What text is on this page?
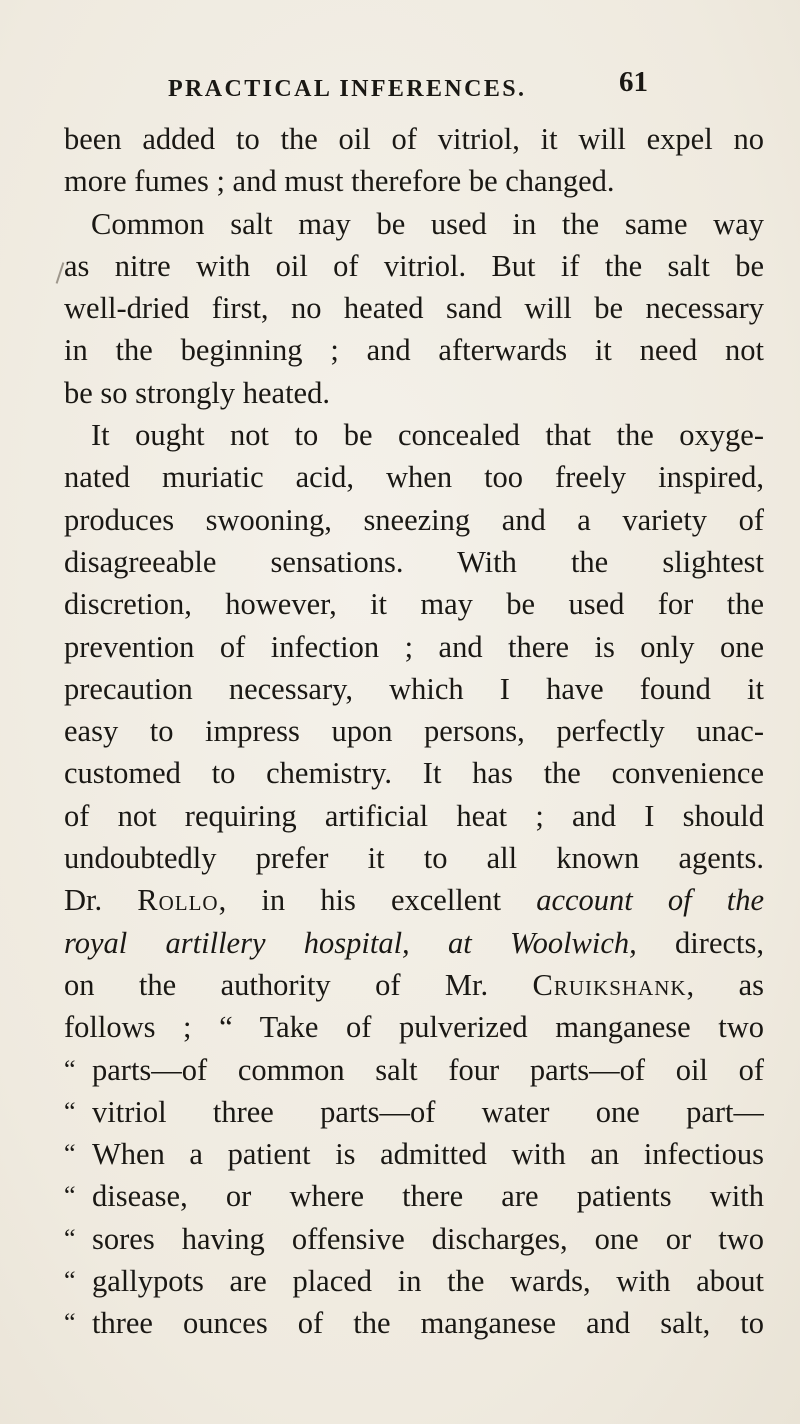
PRACTICAL INFERENCES.	61
been added to the oil of vitriol, it will expel no
more fumes ; and must therefore be changed.
Common salt may be used in the same way
as nitre with oil of vitriol. But if the salt be
well-dried first, no heated sand will be necessary
in the beginning ; and afterwards it need not
be so strongly heated.
It ought not to be concealed that the oxyge-
nated muriatic acid, when too freely inspired,
produces swooning, sneezing and a variety of
disagreeable sensations. With the slightest
discretion, however, it may be used for the
prevention of infection ; and there is only one
precaution necessary, which I have found it
easy to impress upon persons, perfectly unac-
customed to chemistry. It has the convenience
of not requiring artificial heat ; and I should
undoubtedly prefer it to all known agents.
Dr. Rollo, in his excellent account of the
royal artillery hospital, at Woolwich, directs,
on the authority of Mr. Cruikshank, as
follows ; “ Take of pulverized manganese two
“ parts—of common salt four parts—of oil of
“ vitriol three parts—of water one part—
“ When a patient is admitted with an infectious
“ disease, or where there are patients with
“ sores having offensive discharges, one or two
“ gallypots are placed in the wards, with about
“ three ounces of the manganese and salt, to
